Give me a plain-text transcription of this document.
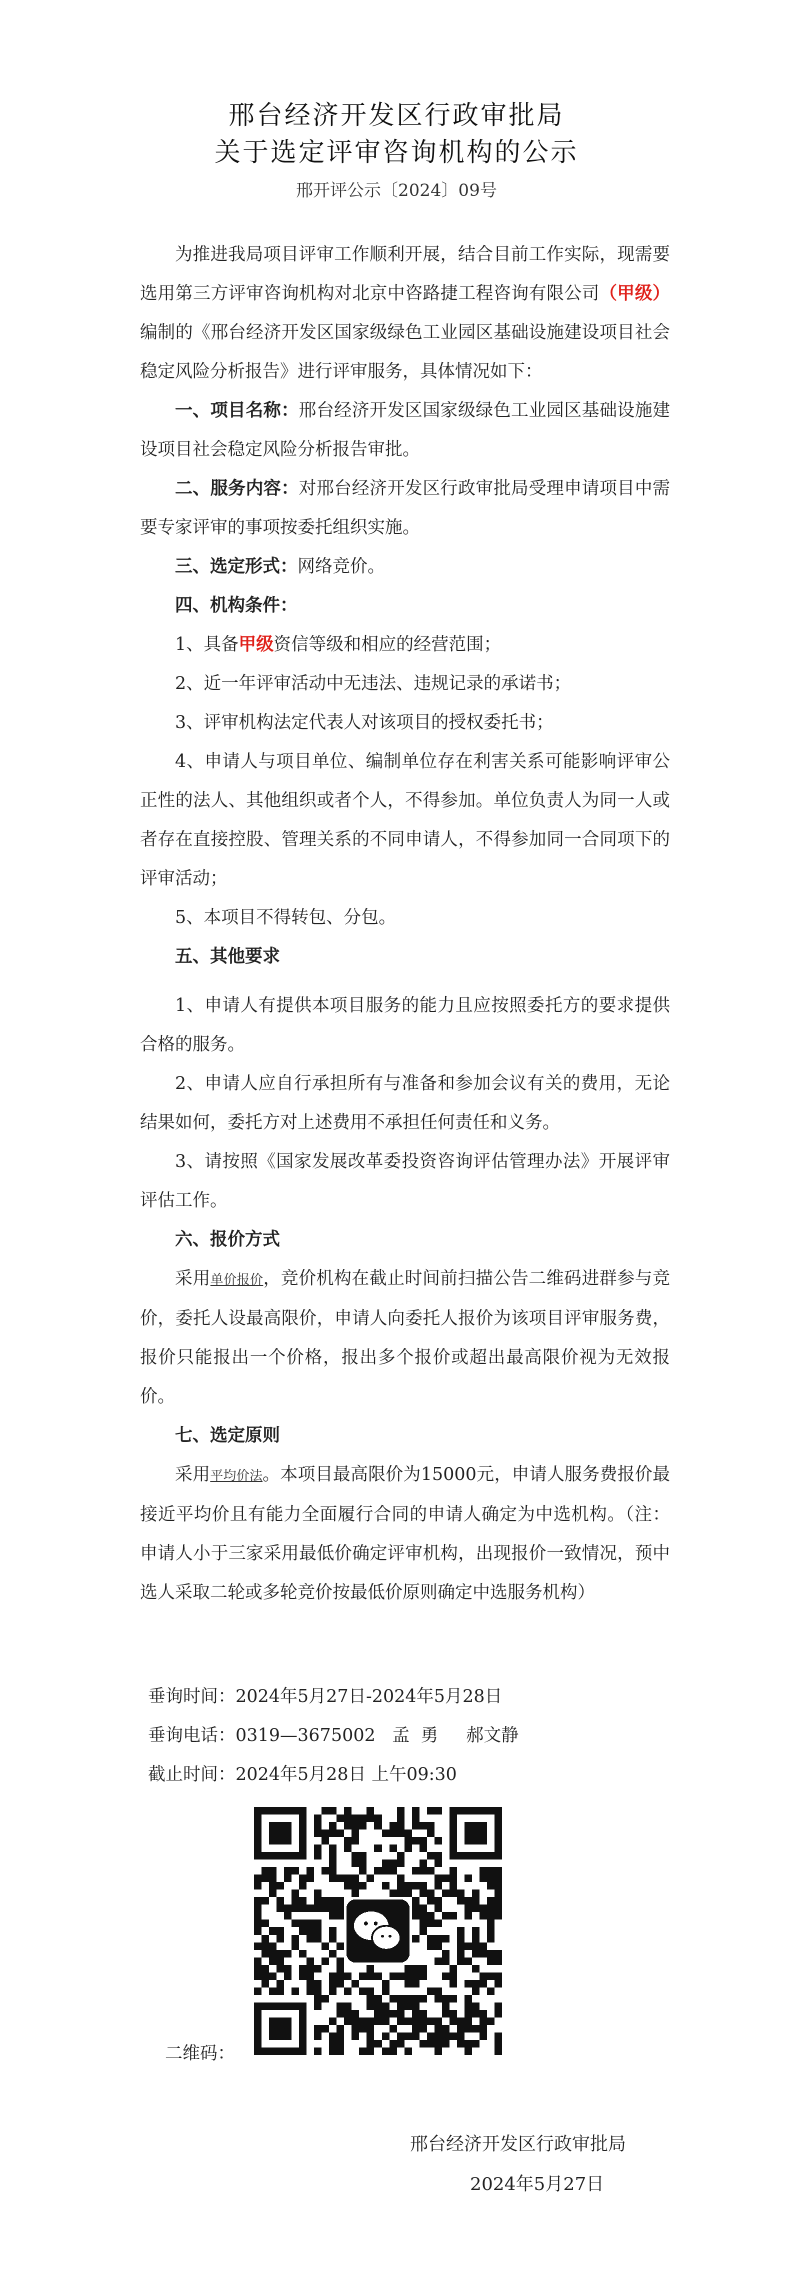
邢台经济开发区行政审批局
关于选定评审咨询机构的公示
邢开评公示〔2024〕09号

为推进我局项目评审工作顺利开展，结合目前工作实际，现需要选用第三方评审咨询机构对北京中咨路捷工程咨询有限公司（甲级）编制的《邢台经济开发区国家级绿色工业园区基础设施建设项目社会稳定风险分析报告》进行评审服务，具体情况如下：

一、项目名称：邢台经济开发区国家级绿色工业园区基础设施建设项目社会稳定风险分析报告审批。

二、服务内容：对邢台经济开发区行政审批局受理申请项目中需要专家评审的事项按委托组织实施。

三、选定形式：网络竞价。

四、机构条件：

1、具备甲级资信等级和相应的经营范围；

2、近一年评审活动中无违法、违规记录的承诺书；

3、评审机构法定代表人对该项目的授权委托书；

4、申请人与项目单位、编制单位存在利害关系可能影响评审公正性的法人、其他组织或者个人，不得参加。单位负责人为同一人或者存在直接控股、管理关系的不同申请人，不得参加同一合同项下的评审活动；

5、本项目不得转包、分包。

五、其他要求

1、申请人有提供本项目服务的能力且应按照委托方的要求提供合格的服务。

2、申请人应自行承担所有与准备和参加会议有关的费用，无论结果如何，委托方对上述费用不承担任何责任和义务。

3、请按照《国家发展改革委投资咨询评估管理办法》开展评审评估工作。

六、报价方式

采用单价报价，竞价机构在截止时间前扫描公告二维码进群参与竞价，委托人设最高限价，申请人向委托人报价为该项目评审服务费，报价只能报出一个价格，报出多个报价或超出最高限价视为无效报价。

七、选定原则

采用平均价法。本项目最高限价为15000元，申请人服务费报价最接近平均价且有能力全面履行合同的申请人确定为中选机构。（注：申请人小于三家采用最低价确定评审机构，出现报价一致情况，预中选人采取二轮或多轮竞价按最低价原则确定中选服务机构）

垂询时间：2024年5月27日-2024年5月28日
垂询电话：0319—3675002   孟  勇     郝文静
截止时间：2024年5月28日 上午09:30
二维码：
邢台经济开发区行政审批局
2024年5月27日
